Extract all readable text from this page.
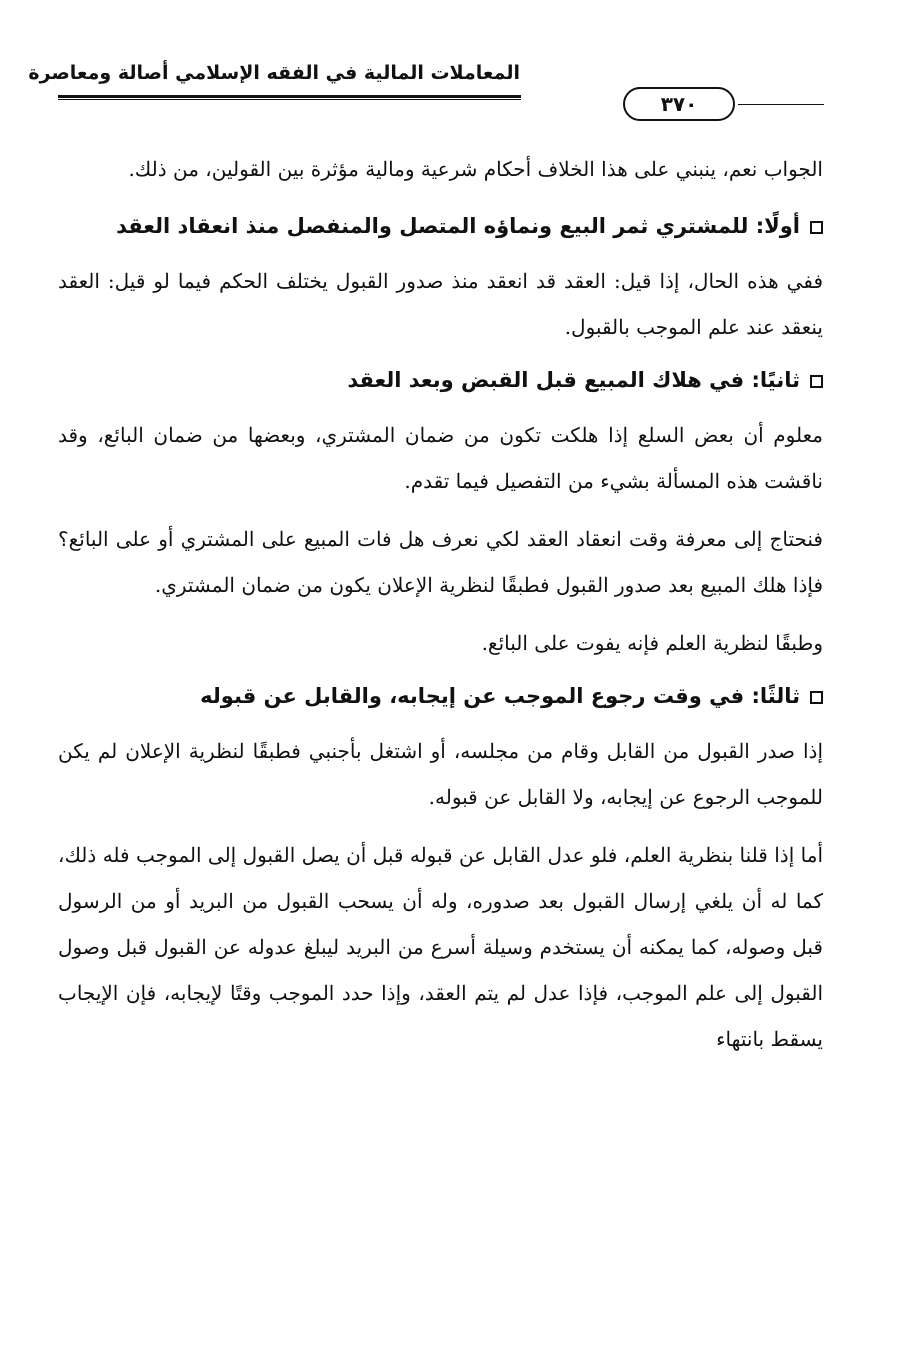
المعاملات المالية في الفقه الإسلامي أصالة ومعاصرة
٣٧٠

الجواب نعم، ينبني على هذا الخلاف أحكام شرعية ومالية مؤثرة بين القولين، من ذلك.

أولًا: للمشتري ثمر البيع ونماؤه المتصل والمنفصل منذ انعقاد العقد

ففي هذه الحال، إذا قيل: العقد قد انعقد منذ صدور القبول يختلف الحكم فيما لو قيل: العقد ينعقد عند علم الموجب بالقبول.

ثانيًا: في هلاك المبيع قبل القبض وبعد العقد

معلوم أن بعض السلع إذا هلكت تكون من ضمان المشتري، وبعضها من ضمان البائع، وقد ناقشت هذه المسألة بشيء من التفصيل فيما تقدم.

فنحتاج إلى معرفة وقت انعقاد العقد لكي نعرف هل فات المبيع على المشتري أو على البائع؟ فإذا هلك المبيع بعد صدور القبول فطبقًا لنظرية الإعلان يكون من ضمان المشتري.

وطبقًا لنظرية العلم فإنه يفوت على البائع.

ثالثًا: في وقت رجوع الموجب عن إيجابه، والقابل عن قبوله

إذا صدر القبول من القابل وقام من مجلسه، أو اشتغل بأجنبي فطبقًا لنظرية الإعلان لم يكن للموجب الرجوع عن إيجابه، ولا القابل عن قبوله.

أما إذا قلنا بنظرية العلم، فلو عدل القابل عن قبوله قبل أن يصل القبول إلى الموجب فله ذلك، كما له أن يلغي إرسال القبول بعد صدوره، وله أن يسحب القبول من البريد أو من الرسول قبل وصوله، كما يمكنه أن يستخدم وسيلة أسرع من البريد ليبلغ عدوله عن القبول قبل وصول القبول إلى علم الموجب، فإذا عدل لم يتم العقد، وإذا حدد الموجب وقتًا لإيجابه، فإن الإيجاب يسقط بانتهاء
